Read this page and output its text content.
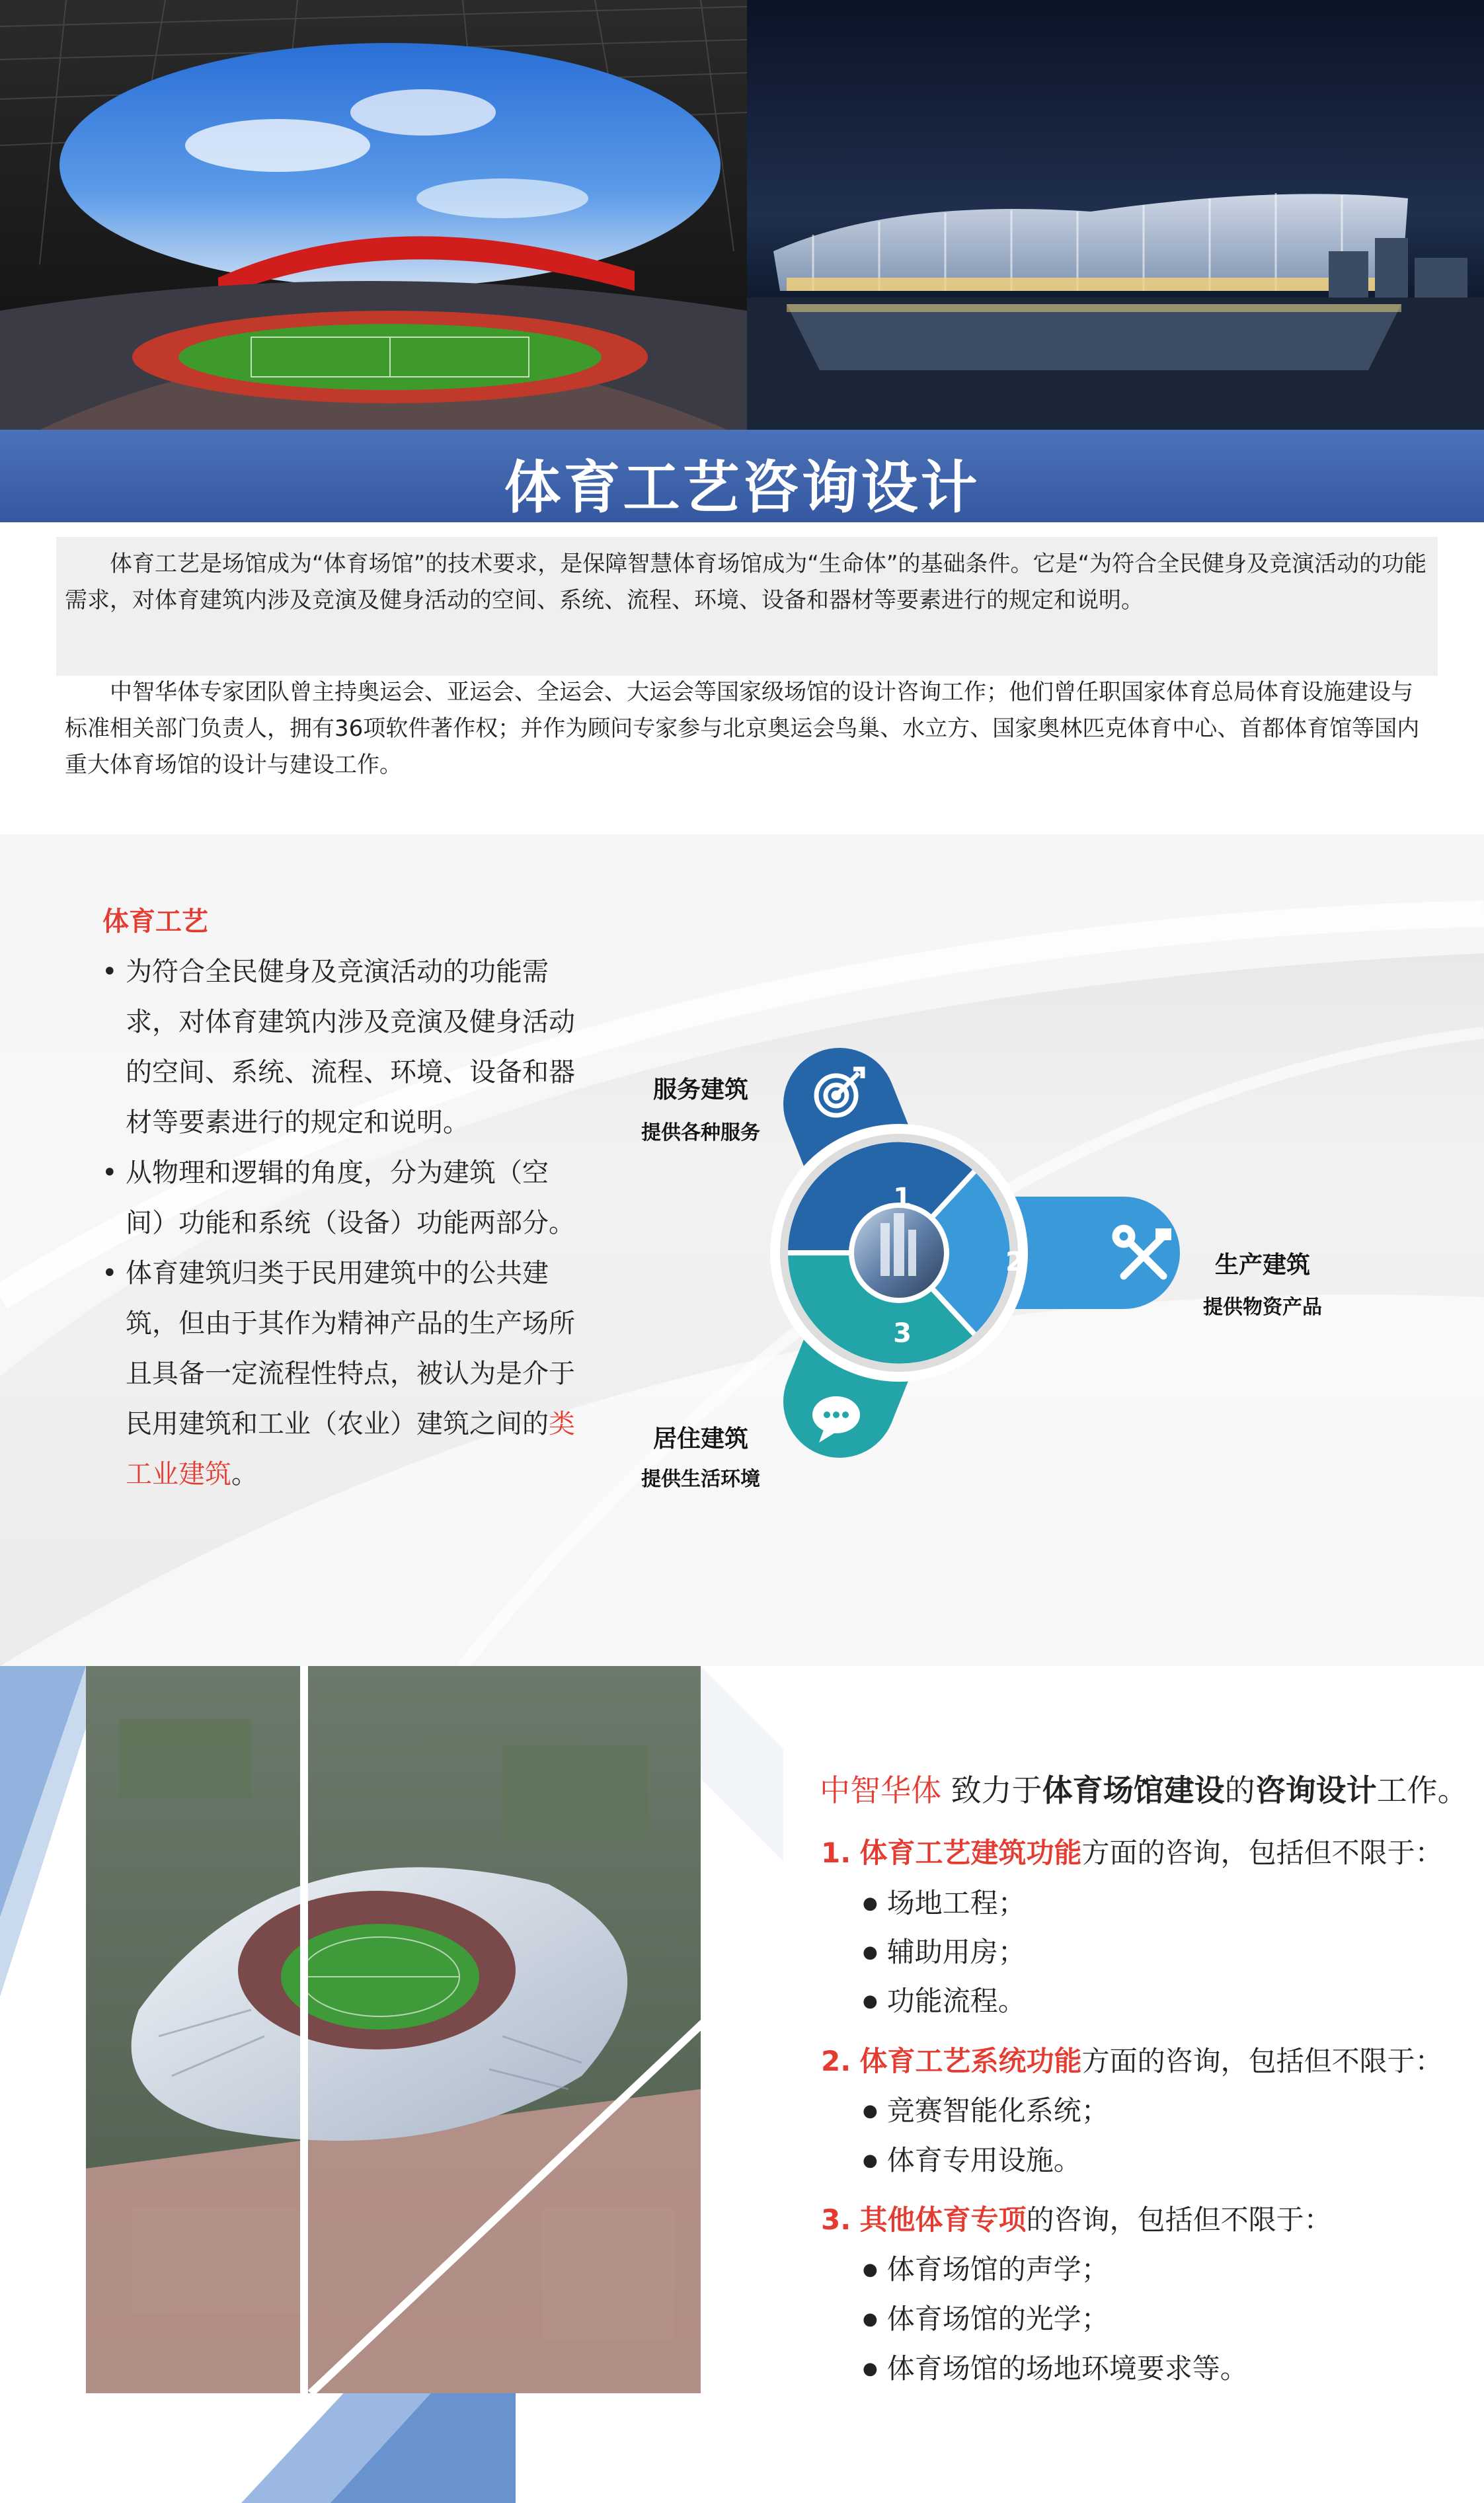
体育工艺咨询设计
体育工艺是场馆成为“体育场馆”的技术要求，是保障智慧体育场馆成为“生命体”的基础条件。它是“为符合全民健身及竞演活动的功能需求，对体育建筑内涉及竞演及健身活动的空间、系统、流程、环境、设备和器材等要素进行的规定和说明。
中智华体专家团队曾主持奥运会、亚运会、全运会、大运会等国家级场馆的设计咨询工作；他们曾任职国家体育总局体育设施建设与标准相关部门负责人，拥有36项软件著作权；并作为顾问专家参与北京奥运会鸟巢、水立方、国家奥林匹克体育中心、首都体育馆等国内重大体育场馆的设计与建设工作。
体育工艺
• 为符合全民健身及竞演活动的功能需求，对体育建筑内涉及竞演及健身活动的空间、系统、流程、环境、设备和器材等要素进行的规定和说明。
• 从物理和逻辑的角度，分为建筑（空间）功能和系统（设备）功能两部分。
• 体育建筑归类于民用建筑中的公共建筑，但由于其作为精神产品的生产场所且具备一定流程性特点，被认为是介于民用建筑和工业（农业）建筑之间的类工业建筑。
1
2
3
服务建筑
提供各种服务
生产建筑
提供物资产品
居住建筑
提供生活环境
中智华体 致力于体育场馆建设的咨询设计工作。
1. 体育工艺建筑功能方面的咨询，包括但不限于：
● 场地工程；
● 辅助用房；
● 功能流程。
2. 体育工艺系统功能方面的咨询，包括但不限于：
● 竞赛智能化系统；
● 体育专用设施。
3. 其他体育专项的咨询，包括但不限于：
● 体育场馆的声学；
● 体育场馆的光学；
● 体育场馆的场地环境要求等。
